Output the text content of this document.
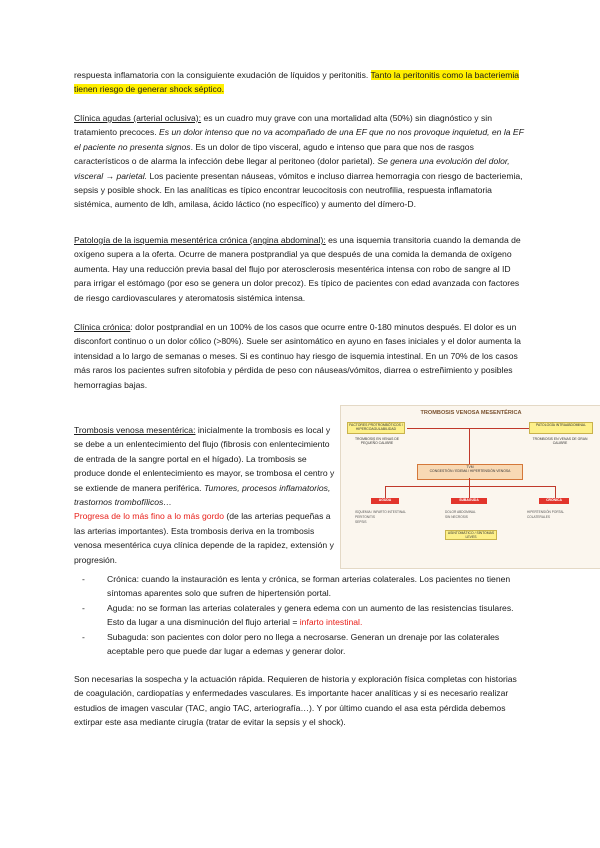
respuesta inflamatoria con la consiguiente exudación de líquidos y peritonitis. Tanto la peritonitis como la bacteriemia tienen riesgo de generar shock séptico.

Clínica agudas (arterial oclusiva): es un cuadro muy grave con una mortalidad alta (50%) sin diagnóstico y sin tratamiento precoces. Es un dolor intenso que no va acompañado de una EF que no nos provoque inquietud, en la EF el paciente no presenta signos. Es un dolor de tipo visceral, agudo e intenso que para que nos de rasgos característicos o de alarma la infección debe llegar al peritoneo (dolor parietal). Se genera una evolución del dolor, visceral → parietal. Los paciente presentan náuseas, vómitos e incluso diarrea hemorragia con riesgo de bacteriemia, sepsis y posible shock. En las analíticas es típico encontrar leucocitosis con neutrofilia, respuesta inflamatoria sistémica, aumento de ldh, amilasa, ácido láctico (no específico) y aumento del dímero-D.

Patología de la isquemia mesentérica crónica (angina abdominal): es una isquemia transitoria cuando la demanda de oxígeno supera a la oferta. Ocurre de manera postprandial ya que después de una comida la demanda de oxígeno aumenta. Hay una reducción previa basal del flujo por aterosclerosis mesentérica intensa con robo de sangre al ID para irrigar el estómago (por eso se genera un dolor precoz). Es típico de pacientes con edad avanzada con factores de riesgo cardiovasculares y ateromatosis sistémica intensa.

Clínica crónica: dolor postprandial en un 100% de los casos que ocurre entre 0-180 minutos después. El dolor es un disconfort continuo o un dolor cólico (>80%). Suele ser asintomático en ayuno en fases iniciales y el dolor aumenta la intensidad a lo largo de semanas o meses. Si es continuo hay riesgo de isquemia intestinal. En un 70% de los casos más raros los pacientes sufren sitofobia y pérdida de peso con náuseas/vómitos, diarrea o estreñimiento y posibles hemorragias bajas.

Trombosis venosa mesentérica: inicialmente la trombosis es local y se debe a un enlentecimiento del flujo (fibrosis con enlentecimiento de entrada de la sangre portal en el hígado). La trombosis se produce donde el enlentecimiento es mayor, se trombosa el centro y se extiende de manera periférica. Tumores, procesos inflamatorios, trastornos trombofílicos…
Progresa de lo más fino a lo más gordo (de las arterias pequeñas a las arterias importantes). Esta trombosis deriva en la trombosis venosa mesentérica cuya clínica depende de la rapidez, extensión y progresión.

TROMBOSIS VENOSA MESENTÉRICA
FACTORES PROTROMBÓTICOS / HIPERCOAGULABILIDAD
TROMBOSIS EN VENAS DE PEQUEÑO CALIBRE
PATOLOGÍA INTRAABDOMINAL
TROMBOSIS EN VENAS DE GRAN CALIBRE
TVM
CONGESTIÓN / EDEMA / HIPERTENSIÓN VENOSA
AGUDA	SUBAGUDA	CRÓNICA
ISQUEMIA / INFARTO INTESTINAL
PERITONITIS
SEPSIS
DOLOR ABDOMINAL
SIN NECROSIS
ASINTOMÁTICO / SÍNTOMAS LEVES
HIPERTENSIÓN PORTAL
COLATERALES
- Crónica: cuando la instauración es lenta y crónica, se forman arterias colaterales. Los pacientes no tienen síntomas aparentes solo que sufren de hipertensión portal.
- Aguda: no se forman las arterias colaterales y genera edema con un aumento de las resistencias tisulares. Esto da lugar a una disminución del flujo arterial = infarto intestinal.
- Subaguda: son pacientes con dolor pero no llega a necrosarse. Generan un drenaje por las colaterales aceptable pero que puede dar lugar a edemas y generar dolor.

Son necesarias la sospecha y la actuación rápida. Requieren de historia y exploración física completas con historias de coagulación, cardiopatías y enfermedades vasculares. Es importante hacer analíticas y si es necesario realizar estudios de imagen vascular (TAC, angio TAC, arteriografía…). Y por último cuando el asa esta pérdida debemos extirpar este asa mediante cirugía (tratar de evitar la sepsis y el shock).
